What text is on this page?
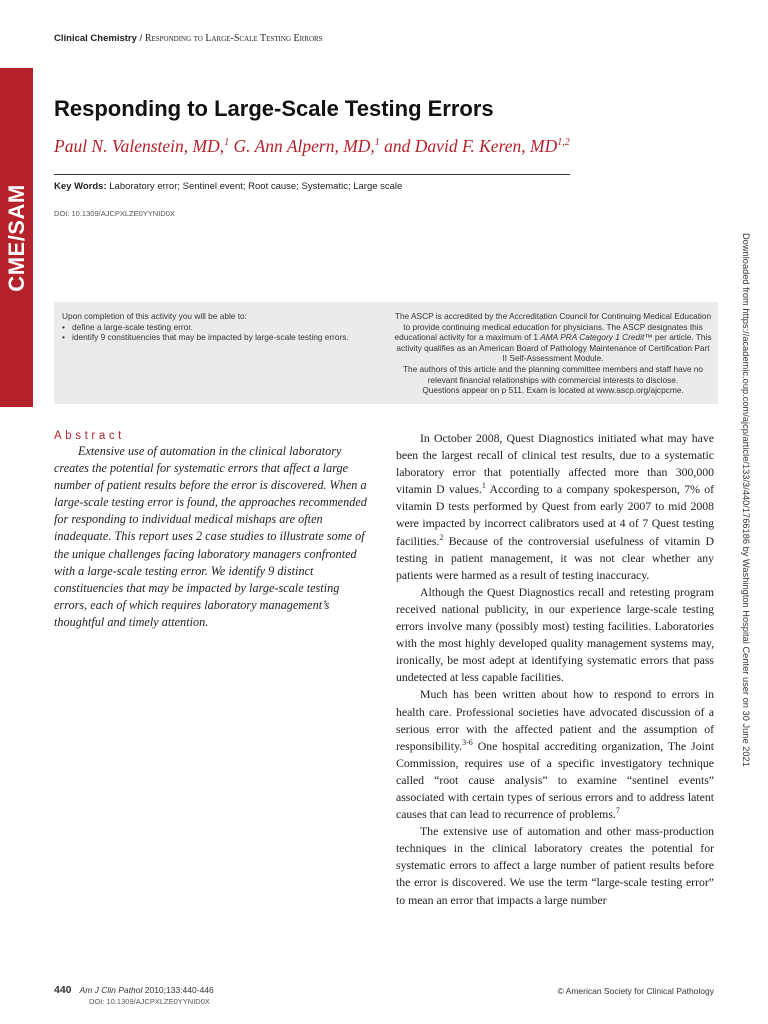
Clinical Chemistry / Responding to Large-Scale Testing Errors
CME/SAM
Responding to Large-Scale Testing Errors
Paul N. Valenstein, MD,$^1$ G. Ann Alpern, MD,$^1$ and David F. Keren, MD$^{1,2}$
Key Words: Laboratory error; Sentinel event; Root cause; Systematic; Large scale
DOI: 10.1309/AJCPXLZE0YYNID0X
Downloaded from https://academic.oup.com/ajcp/article/133/3/440/1766186 by Washington Hospital Center user on 30 June 2021
Upon completion of this activity you will be able to:
• define a large-scale testing error.
• identify 9 constituencies that may be impacted by large-scale testing errors.

The ASCP is accredited by the Accreditation Council for Continuing Medical Education to provide continuing medical education for physicians. The ASCP designates this educational activity for a maximum of 1 AMA PRA Category 1 Credit™ per article. This activity qualifies as an American Board of Pathology Maintenance of Certification Part II Self-Assessment Module.

The authors of this article and the planning committee members and staff have no relevant financial relationships with commercial interests to disclose.

Questions appear on p 511. Exam is located at www.ascp.org/ajcpcme.

Abstract

Extensive use of automation in the clinical laboratory creates the potential for systematic errors that affect a large number of patient results before the error is discovered. When a large-scale testing error is found, the approaches recommended for responding to individual medical mishaps are often inadequate. This report uses 2 case studies to illustrate some of the unique challenges facing laboratory managers confronted with a large-scale testing error. We identify 9 distinct constituencies that may be impacted by large-scale testing errors, each of which requires laboratory management’s thoughtful and timely attention.

In October 2008, Quest Diagnostics initiated what may have been the largest recall of clinical test results, due to a systematic laboratory error that potentially affected more than 300,000 vitamin D values.$^1$ According to a company spokesperson, 7% of vitamin D tests performed by Quest from early 2007 to mid 2008 were impacted by incorrect calibrators used at 4 of 7 Quest testing facilities.$^2$ Because of the controversial usefulness of vitamin D testing in patient management, it was not clear whether any patients were harmed as a result of testing inaccuracy.

Although the Quest Diagnostics recall and retesting program received national publicity, in our experience large-scale testing errors involve many (possibly most) testing facilities. Laboratories with the most highly developed quality management systems may, ironically, be most adept at identifying systematic errors that pass undetected at less capable facilities.

Much has been written about how to respond to errors in health care. Professional societies have advocated discussion of a serious error with the affected patient and the assumption of responsibility.$^{3-6}$ One hospital accrediting organization, The Joint Commission, requires use of a specific investigatory technique called “root cause analysis” to examine “sentinel events” associated with certain types of serious errors and to address latent causes that can lead to recurrence of problems.$^7$

The extensive use of automation and other mass-production techniques in the clinical laboratory creates the potential for systematic errors to affect a large number of patient results before the error is discovered. We use the term “large-scale testing error” to mean an error that impacts a large number

440 Am J Clin Pathol 2010;133:440-446
DOI: 10.1309/AJCPXLZE0YYNID0X
© American Society for Clinical Pathology
